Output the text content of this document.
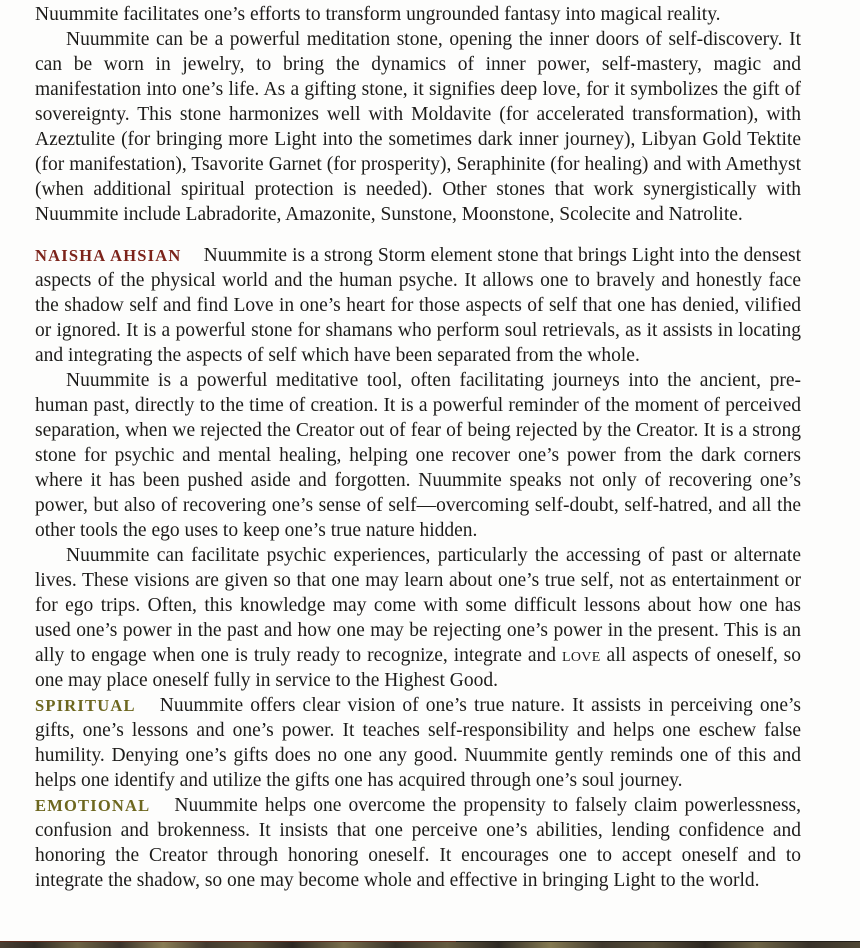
Nuummite facilitates one’s efforts to transform ungrounded fantasy into magical reality.

Nuummite can be a powerful meditation stone, opening the inner doors of self-discovery. It can be worn in jewelry, to bring the dynamics of inner power, self-mastery, magic and manifestation into one’s life. As a gifting stone, it signifies deep love, for it symbolizes the gift of sovereignty. This stone harmonizes well with Moldavite (for accelerated transformation), with Azeztulite (for bringing more Light into the sometimes dark inner journey), Libyan Gold Tektite (for manifestation), Tsavorite Garnet (for prosperity), Seraphinite (for healing) and with Amethyst (when additional spiritual protection is needed). Other stones that work synergistically with Nuummite include Labradorite, Amazonite, Sunstone, Moonstone, Scolecite and Natrolite.

NAISHA AHSIAN Nuummite is a strong Storm element stone that brings Light into the densest aspects of the physical world and the human psyche. It allows one to bravely and honestly face the shadow self and find Love in one’s heart for those aspects of self that one has denied, vilified or ignored. It is a powerful stone for shamans who perform soul retrievals, as it assists in locating and integrating the aspects of self which have been separated from the whole.

Nuummite is a powerful meditative tool, often facilitating journeys into the ancient, pre-human past, directly to the time of creation. It is a powerful reminder of the moment of perceived separation, when we rejected the Creator out of fear of being rejected by the Creator. It is a strong stone for psychic and mental healing, helping one recover one’s power from the dark corners where it has been pushed aside and forgotten. Nuummite speaks not only of recovering one’s power, but also of recovering one’s sense of self—overcoming self-doubt, self-hatred, and all the other tools the ego uses to keep one’s true nature hidden.

Nuummite can facilitate psychic experiences, particularly the accessing of past or alternate lives. These visions are given so that one may learn about one’s true self, not as entertainment or for ego trips. Often, this knowledge may come with some difficult lessons about how one has used one’s power in the past and how one may be rejecting one’s power in the present. This is an ally to engage when one is truly ready to recognize, integrate and love all aspects of oneself, so one may place oneself fully in service to the Highest Good.

SPIRITUAL Nuummite offers clear vision of one’s true nature. It assists in perceiving one’s gifts, one’s lessons and one’s power. It teaches self-responsibility and helps one eschew false humility. Denying one’s gifts does no one any good. Nuummite gently reminds one of this and helps one identify and utilize the gifts one has acquired through one’s soul journey.

EMOTIONAL Nuummite helps one overcome the propensity to falsely claim powerlessness, confusion and brokenness. It insists that one perceive one’s abilities, lending confidence and honoring the Creator through honoring oneself. It encourages one to accept oneself and to integrate the shadow, so one may become whole and effective in bringing Light to the world.
